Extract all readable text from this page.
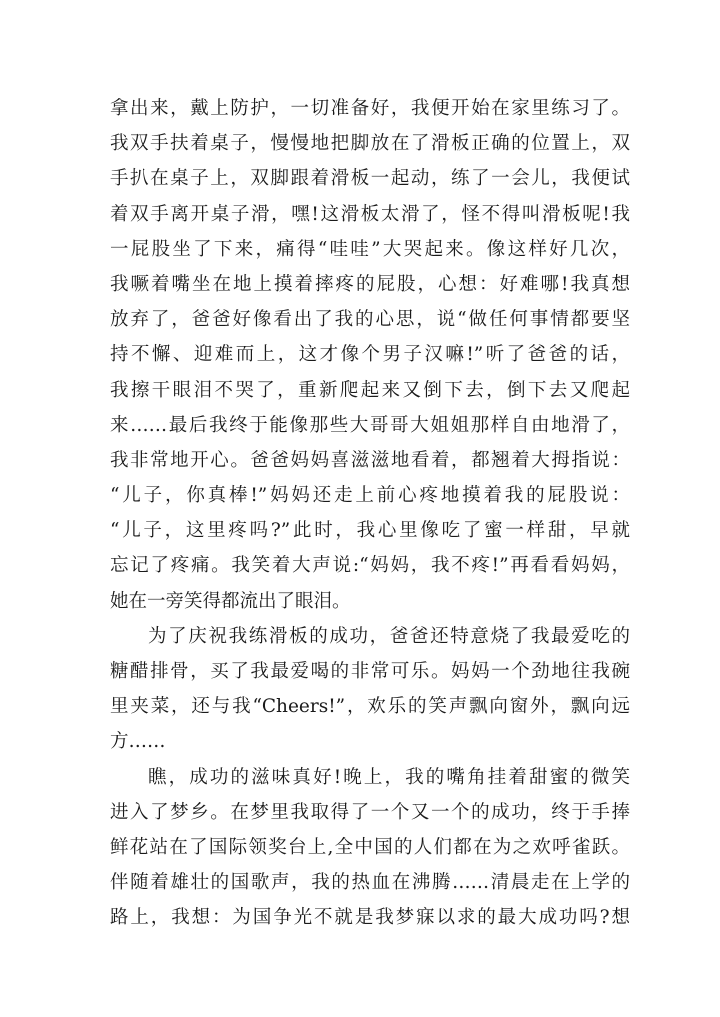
拿出来，戴上防护，一切准备好，我便开始在家里练习了。
我双手扶着桌子，慢慢地把脚放在了滑板正确的位置上，双
手扒在桌子上，双脚跟着滑板一起动，练了一会儿，我便试
着双手离开桌子滑，嘿!这滑板太滑了，怪不得叫滑板呢!我
一屁股坐了下来，痛得“哇哇”大哭起来。像这样好几次，
我噘着嘴坐在地上摸着摔疼的屁股，心想：好难哪!我真想
放弃了，爸爸好像看出了我的心思，说“做任何事情都要坚
持不懈、迎难而上，这才像个男子汉嘛!”听了爸爸的话，
我擦干眼泪不哭了，重新爬起来又倒下去，倒下去又爬起
来……最后我终于能像那些大哥哥大姐姐那样自由地滑了，
我非常地开心。爸爸妈妈喜滋滋地看着，都翘着大拇指说：
“儿子，你真棒!”妈妈还走上前心疼地摸着我的屁股说：
“儿子，这里疼吗?”此时，我心里像吃了蜜一样甜，早就
忘记了疼痛。我笑着大声说:“妈妈，我不疼!”再看看妈妈，
她在一旁笑得都流出了眼泪。
为了庆祝我练滑板的成功，爸爸还特意烧了我最爱吃的
糖醋排骨，买了我最爱喝的非常可乐。妈妈一个劲地往我碗
里夹菜，还与我“Cheers!”，欢乐的笑声飘向窗外，飘向远
方……
瞧，成功的滋味真好!晚上，我的嘴角挂着甜蜜的微笑
进入了梦乡。在梦里我取得了一个又一个的成功，终于手捧
鲜花站在了国际领奖台上,全中国的人们都在为之欢呼雀跃。
伴随着雄壮的国歌声，我的热血在沸腾……清晨走在上学的
路上，我想：为国争光不就是我梦寐以求的最大成功吗?想
